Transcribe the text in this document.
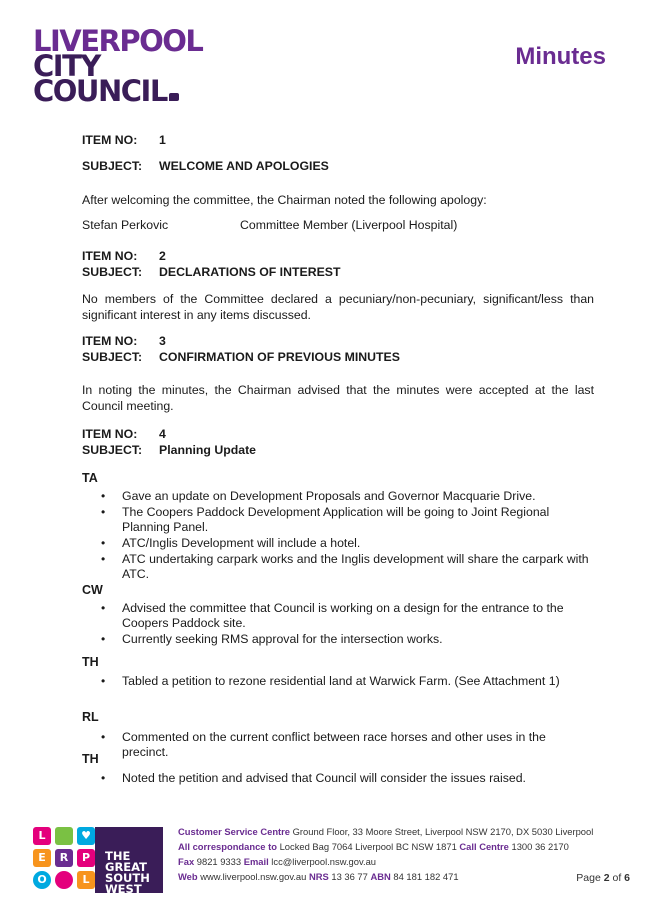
LIVERPOOL
CITY
COUNCIL
Minutes
ITEM NO:	1
SUBJECT:	WELCOME AND APOLOGIES
After welcoming the committee, the Chairman noted the following apology:
Stefan Perkovic	Committee Member (Liverpool Hospital)
ITEM NO:	2
SUBJECT:	DECLARATIONS OF INTEREST
No members of the Committee declared a pecuniary/non-pecuniary, significant/less than significant interest in any items discussed.
ITEM NO:	3
SUBJECT:	CONFIRMATION OF PREVIOUS MINUTES
In noting the minutes, the Chairman advised that the minutes were accepted at the last Council meeting.
ITEM NO:	4
SUBJECT:	Planning Update
TA
• Gave an update on Development Proposals and Governor Macquarie Drive.
• The Coopers Paddock Development Application will be going to Joint Regional Planning Panel.
• ATC/Inglis Development will include a hotel.
• ATC undertaking carpark works and the Inglis development will share the carpark with ATC.
CW
• Advised the committee that Council is working on a design for the entrance to the Coopers Paddock site.
• Currently seeking RMS approval for the intersection works.
TH
• Tabled a petition to rezone residential land at Warwick Farm. (See Attachment 1)
RL
• Commented on the current conflict between race horses and other uses in the precinct.
TH
• Noted the petition and advised that Council will consider the issues raised.
L	♥
E	R	P
O	L
THE
GREAT
SOUTH
WEST
Customer Service Centre Ground Floor, 33 Moore Street, Liverpool NSW 2170, DX 5030 Liverpool
All correspondance to Locked Bag 7064 Liverpool BC NSW 1871 Call Centre 1300 36 2170
Fax 9821 9333 Email lcc@liverpool.nsw.gov.au
Web www.liverpool.nsw.gov.au NRS 13 36 77 ABN 84 181 182 471	Page 2 of 6
